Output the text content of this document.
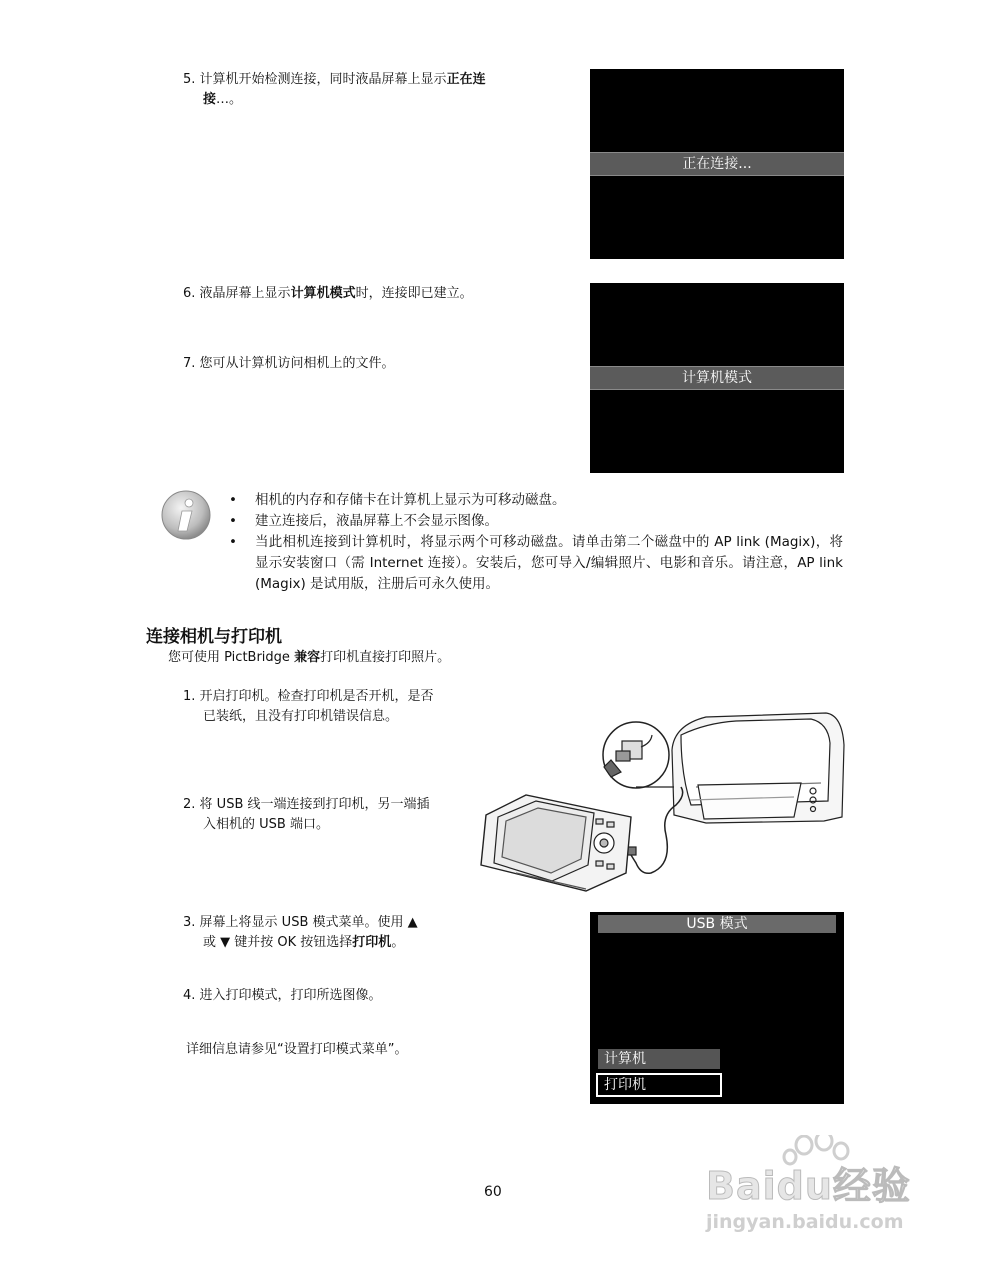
5. 计算机开始检测连接，同时液晶屏幕上显示正在连
接…。
正在连接...
6. 液晶屏幕上显示计算机模式时，连接即已建立。
7. 您可从计算机访问相机上的文件。
计算机模式
• 相机的内存和存储卡在计算机上显示为可移动磁盘。
• 建立连接后，液晶屏幕上不会显示图像。
• 当此相机连接到计算机时，将显示两个可移动磁盘。请单击第二个磁盘中的 AP link (Magix)，将显示安装窗口（需 Internet 连接）。安装后，您可导入/编辑照片、电影和音乐。请注意，AP link (Magix) 是试用版，注册后可永久使用。
连接相机与打印机
您可使用 PictBridge 兼容打印机直接打印照片。
1. 开启打印机。检查打印机是否开机，是否
已装纸，且没有打印机错误信息。
2. 将 USB 线一端连接到打印机，另一端插
入相机的 USB 端口。
3. 屏幕上将显示 USB 模式菜单。使用 ▲
或 ▼ 键并按 OK 按钮选择打印机。
4. 进入打印模式，打印所选图像。
详细信息请参见“设置打印模式菜单”。
USB 模式
计算机
打印机
60	Baidu经验
jingyan.baidu.com
